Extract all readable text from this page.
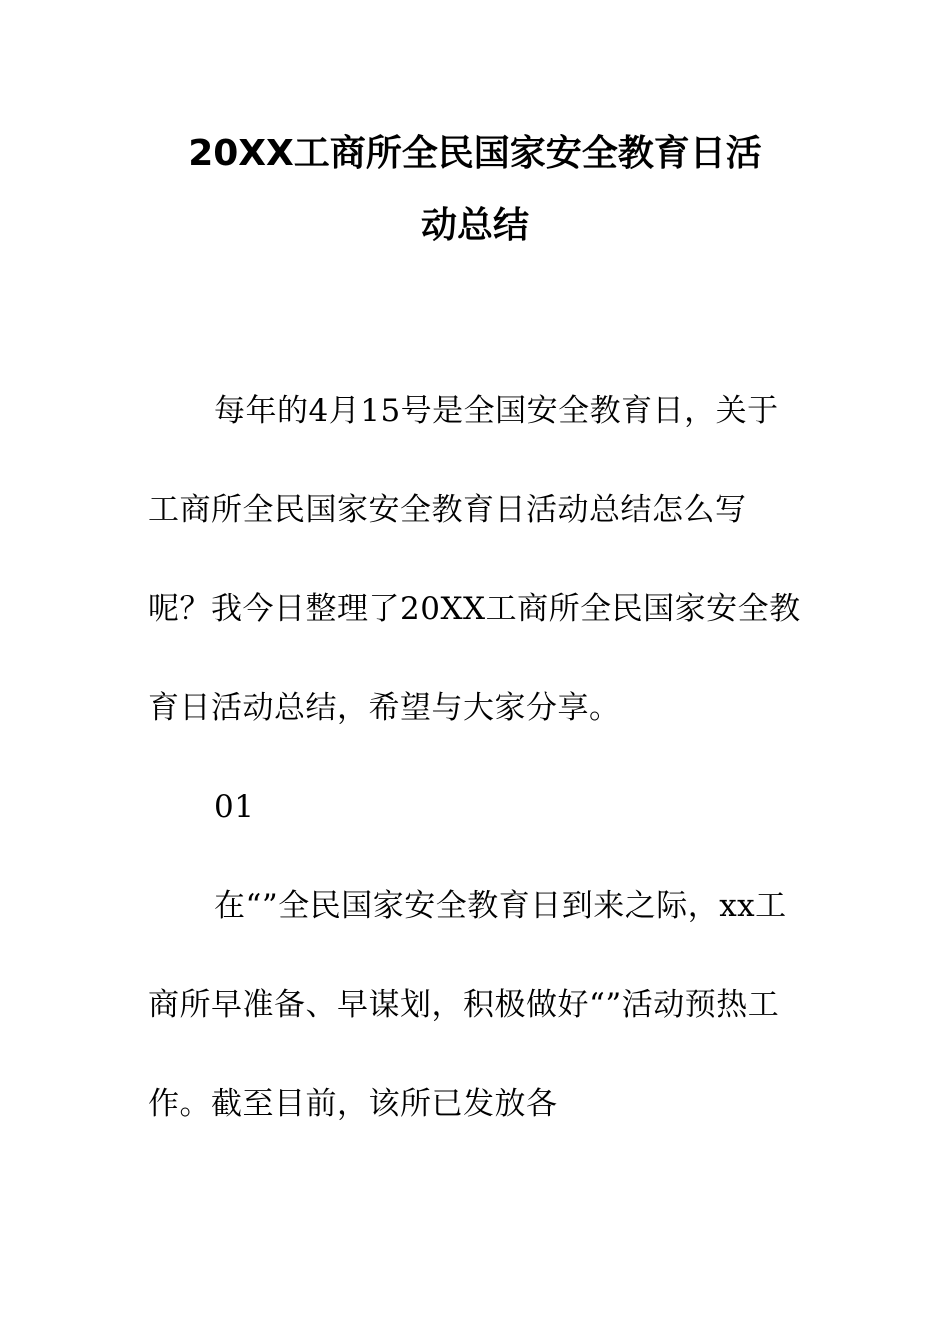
20XX工商所全民国家安全教育日活
动总结

每年的4月15号是全国安全教育日，关于工商所全民国家安全教育日活动总结怎么写呢？我今日整理了20XX工商所全民国家安全教育日活动总结，希望与大家分享。

01

在“”全民国家安全教育日到来之际，xx工商所早准备、早谋划，积极做好“”活动预热工作。截至目前，该所已发放各
